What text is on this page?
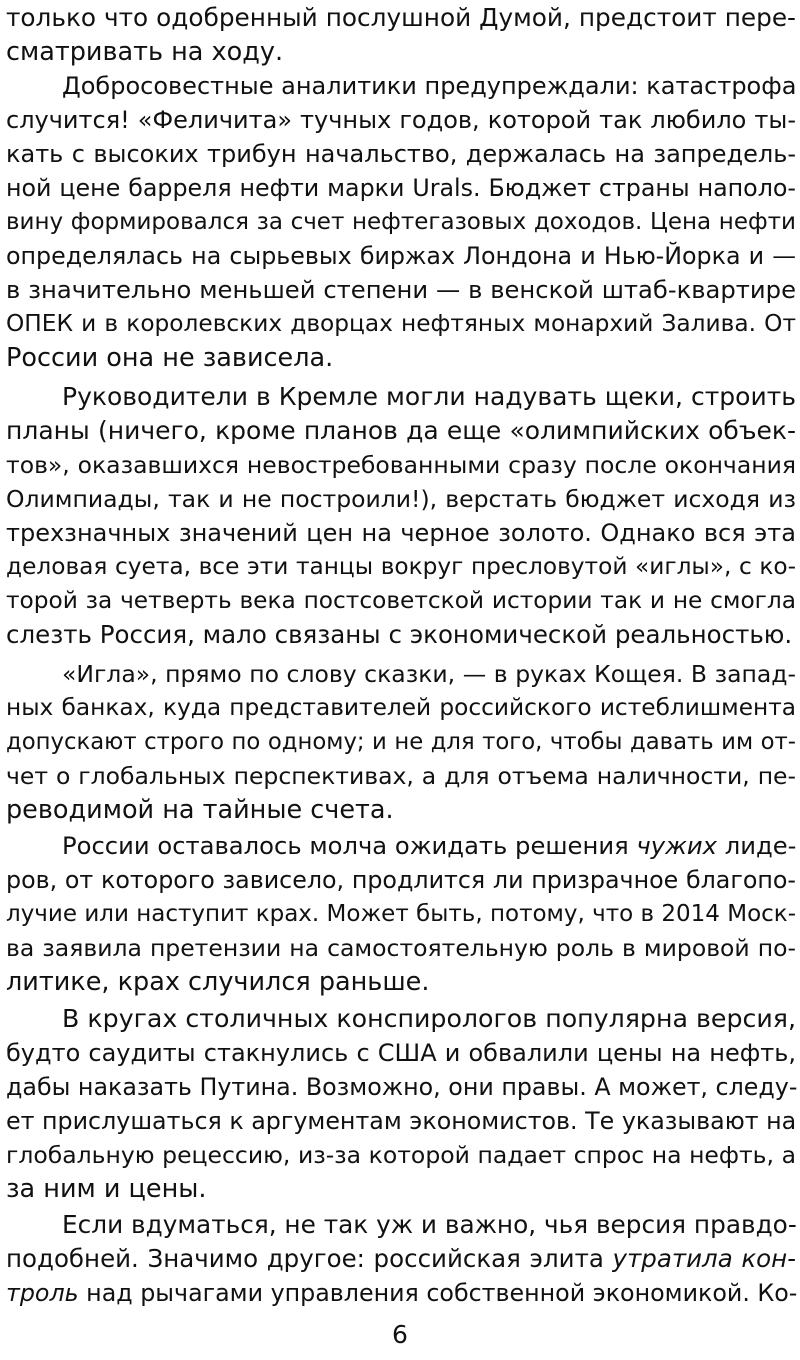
только что одобренный послушной Думой, предстоит пере-
сматривать на ходу.
Добросовестные аналитики предупреждали: катастрофа
случится! «Феличита» тучных годов, которой так любило ты-
кать с высоких трибун начальство, держалась на запредель-
ной цене барреля нефти марки Urals. Бюджет страны наполо-
вину формировался за счет нефтегазовых доходов. Цена нефти
определялась на сырьевых биржах Лондона и Нью-Йорка и —
в значительно меньшей степени — в венской штаб-квартире
ОПЕК и в королевских дворцах нефтяных монархий Залива. От
России она не зависела.
Руководители в Кремле могли надувать щеки, строить
планы (ничего, кроме планов да еще «олимпийских объек-
тов», оказавшихся невостребованными сразу после окончания
Олимпиады, так и не построили!), верстать бюджет исходя из
трехзначных значений цен на черное золото. Однако вся эта
деловая суета, все эти танцы вокруг пресловутой «иглы», с ко-
торой за четверть века постсоветской истории так и не смогла
слезть Россия, мало связаны с экономической реальностью.
«Игла», прямо по слову сказки, — в руках Кощея. В запад-
ных банках, куда представителей российского истеблишмента
допускают строго по одному; и не для того, чтобы давать им от-
чет о глобальных перспективах, а для отъема наличности, пе-
реводимой на тайные счета.
России оставалось молча ожидать решения чужих лиде-
ров, от которого зависело, продлится ли призрачное благопо-
лучие или наступит крах. Может быть, потому, что в 2014 Моск-
ва заявила претензии на самостоятельную роль в мировой по-
литике, крах случился раньше.
В кругах столичных конспирологов популярна версия,
будто саудиты стакнулись с США и обвалили цены на нефть,
дабы наказать Путина. Возможно, они правы. А может, следу-
ет прислушаться к аргументам экономистов. Те указывают на
глобальную рецессию, из-за которой падает спрос на нефть, а
за ним и цены.
Если вдуматься, не так уж и важно, чья версия правдо-
подобней. Значимо другое: российская элита утратила кон-
троль над рычагами управления собственной экономикой. Ко-
6
